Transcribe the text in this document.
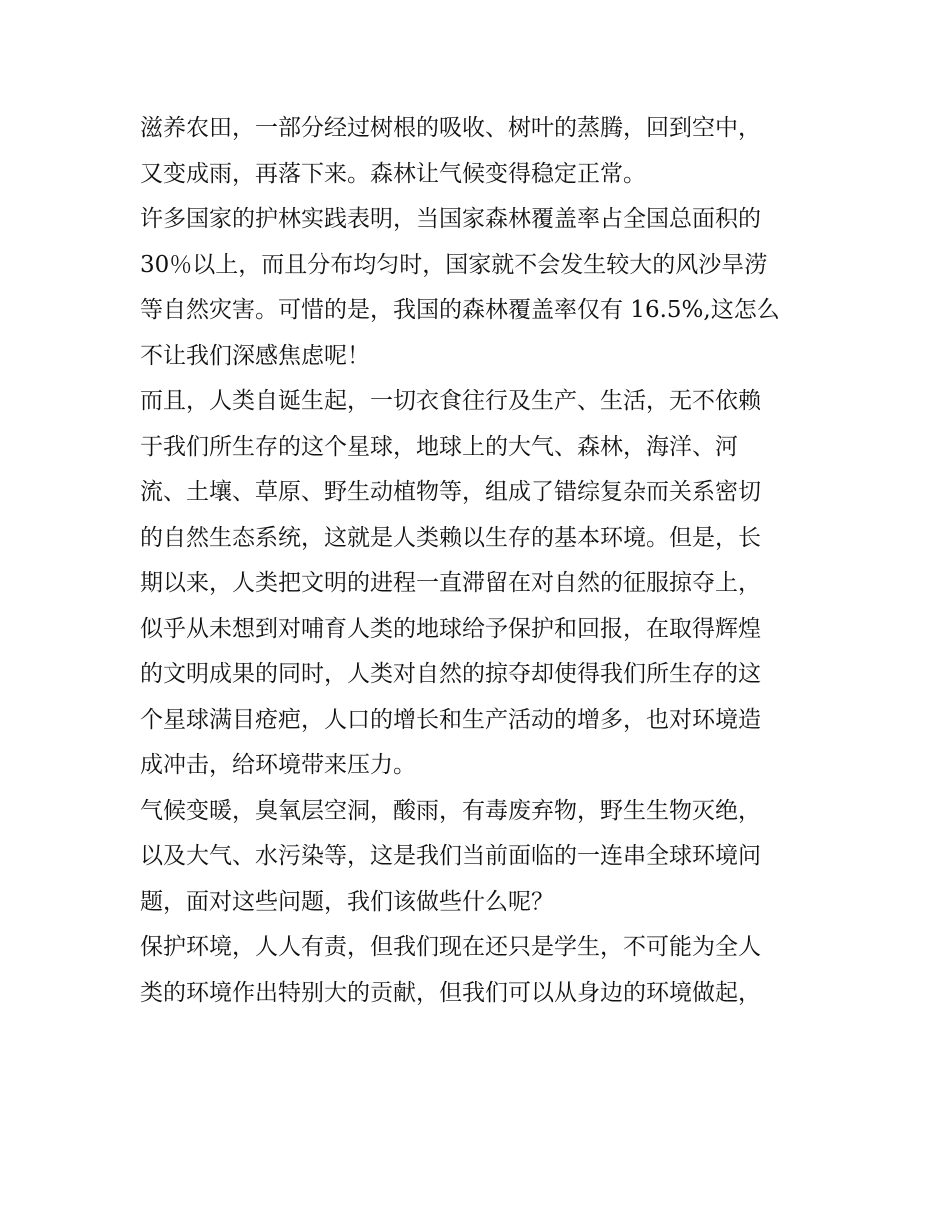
滋养农田，一部分经过树根的吸收、树叶的蒸腾，回到空中，
又变成雨，再落下来。森林让气候变得稳定正常。
许多国家的护林实践表明，当国家森林覆盖率占全国总面积的
30％以上，而且分布均匀时，国家就不会发生较大的风沙旱涝
等自然灾害。可惜的是，我国的森林覆盖率仅有 16.5%,这怎么
不让我们深感焦虑呢！
而且，人类自诞生起，一切衣食往行及生产、生活，无不依赖
于我们所生存的这个星球，地球上的大气、森林，海洋、河
流、土壤、草原、野生动植物等，组成了错综复杂而关系密切
的自然生态系统，这就是人类赖以生存的基本环境。但是，长
期以来，人类把文明的进程一直滞留在对自然的征服掠夺上，
似乎从未想到对哺育人类的地球给予保护和回报，在取得辉煌
的文明成果的同时，人类对自然的掠夺却使得我们所生存的这
个星球满目疮疤，人口的增长和生产活动的增多，也对环境造
成冲击，给环境带来压力。
气候变暖，臭氧层空洞，酸雨，有毒废弃物，野生生物灭绝，
以及大气、水污染等，这是我们当前面临的一连串全球环境问
题，面对这些问题，我们该做些什么呢？
保护环境，人人有责，但我们现在还只是学生，不可能为全人
类的环境作出特别大的贡献，但我们可以从身边的环境做起，
